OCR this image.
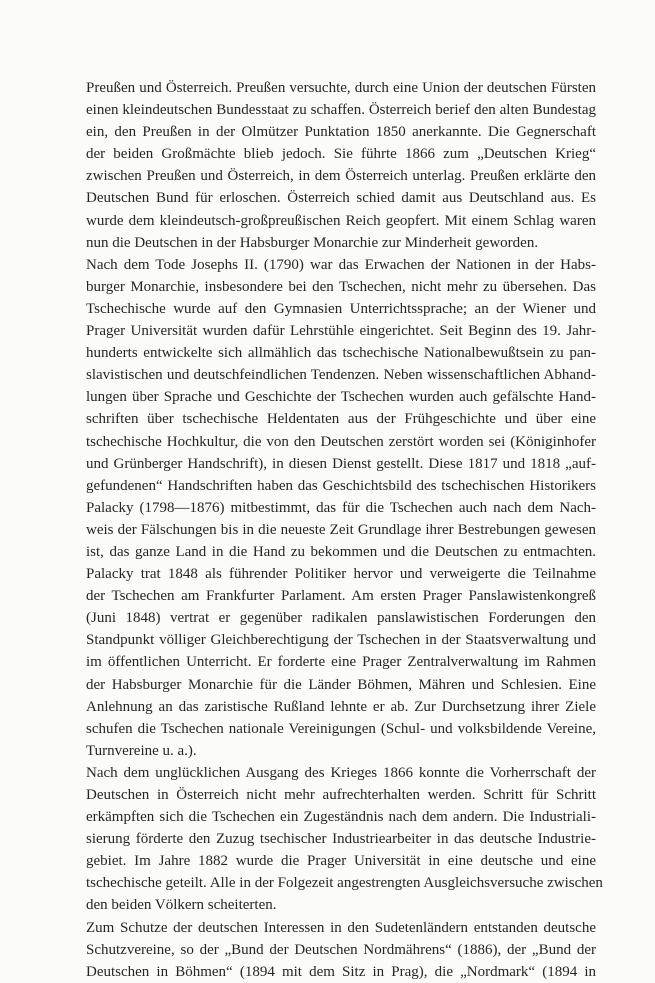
Preußen und Österreich. Preußen versuchte, durch eine Union der deutschen Fürsten
einen kleindeutschen Bundesstaat zu schaffen. Österreich berief den alten Bundestag
ein, den Preußen in der Olmützer Punktation 1850 anerkannte. Die Gegnerschaft
der beiden Großmächte blieb jedoch. Sie führte 1866 zum „Deutschen Krieg“
zwischen Preußen und Österreich, in dem Österreich unterlag. Preußen erklärte den
Deutschen Bund für erloschen. Österreich schied damit aus Deutschland aus. Es
wurde dem kleindeutsch-großpreußischen Reich geopfert. Mit einem Schlag waren
nun die Deutschen in der Habsburger Monarchie zur Minderheit geworden.
Nach dem Tode Josephs II. (1790) war das Erwachen der Nationen in der Habs-
burger Monarchie, insbesondere bei den Tschechen, nicht mehr zu übersehen. Das
Tschechische wurde auf den Gymnasien Unterrichtssprache; an der Wiener und
Prager Universität wurden dafür Lehrstühle eingerichtet. Seit Beginn des 19. Jahr-
hunderts entwickelte sich allmählich das tschechische Nationalbewußtsein zu pan-
slavistischen und deutschfeindlichen Tendenzen. Neben wissenschaftlichen Abhand-
lungen über Sprache und Geschichte der Tschechen wurden auch gefälschte Hand-
schriften über tschechische Heldentaten aus der Frühgeschichte und über eine
tschechische Hochkultur, die von den Deutschen zerstört worden sei (Königinhofer
und Grünberger Handschrift), in diesen Dienst gestellt. Diese 1817 und 1818 „auf-
gefundenen“ Handschriften haben das Geschichtsbild des tschechischen Historikers
Palacky (1798—1876) mitbestimmt, das für die Tschechen auch nach dem Nach-
weis der Fälschungen bis in die neueste Zeit Grundlage ihrer Bestrebungen gewesen
ist, das ganze Land in die Hand zu bekommen und die Deutschen zu entmachten.
Palacky trat 1848 als führender Politiker hervor und verweigerte die Teilnahme
der Tschechen am Frankfurter Parlament. Am ersten Prager Panslawistenkongreß
(Juni 1848) vertrat er gegenüber radikalen panslawistischen Forderungen den
Standpunkt völliger Gleichberechtigung der Tschechen in der Staatsverwaltung und
im öffentlichen Unterricht. Er forderte eine Prager Zentralverwaltung im Rahmen
der Habsburger Monarchie für die Länder Böhmen, Mähren und Schlesien. Eine
Anlehnung an das zaristische Rußland lehnte er ab. Zur Durchsetzung ihrer Ziele
schufen die Tschechen nationale Vereinigungen (Schul- und volksbildende Vereine,
Turnvereine u. a.).
Nach dem unglücklichen Ausgang des Krieges 1866 konnte die Vorherrschaft der
Deutschen in Österreich nicht mehr aufrechterhalten werden. Schritt für Schritt
erkämpften sich die Tschechen ein Zugeständnis nach dem andern. Die Industriali-
sierung förderte den Zuzug tsechischer Industriearbeiter in das deutsche Industrie-
gebiet. Im Jahre 1882 wurde die Prager Universität in eine deutsche und eine
tschechische geteilt. Alle in der Folgezeit angestrengten Ausgleichsversuche zwischen
den beiden Völkern scheiterten.
Zum Schutze der deutschen Interessen in den Sudetenländern entstanden deutsche
Schutzvereine, so der „Bund der Deutschen Nordmährens“ (1886), der „Bund der
Deutschen in Böhmen“ (1894 mit dem Sitz in Prag), die „Nordmark“ (1894 in
